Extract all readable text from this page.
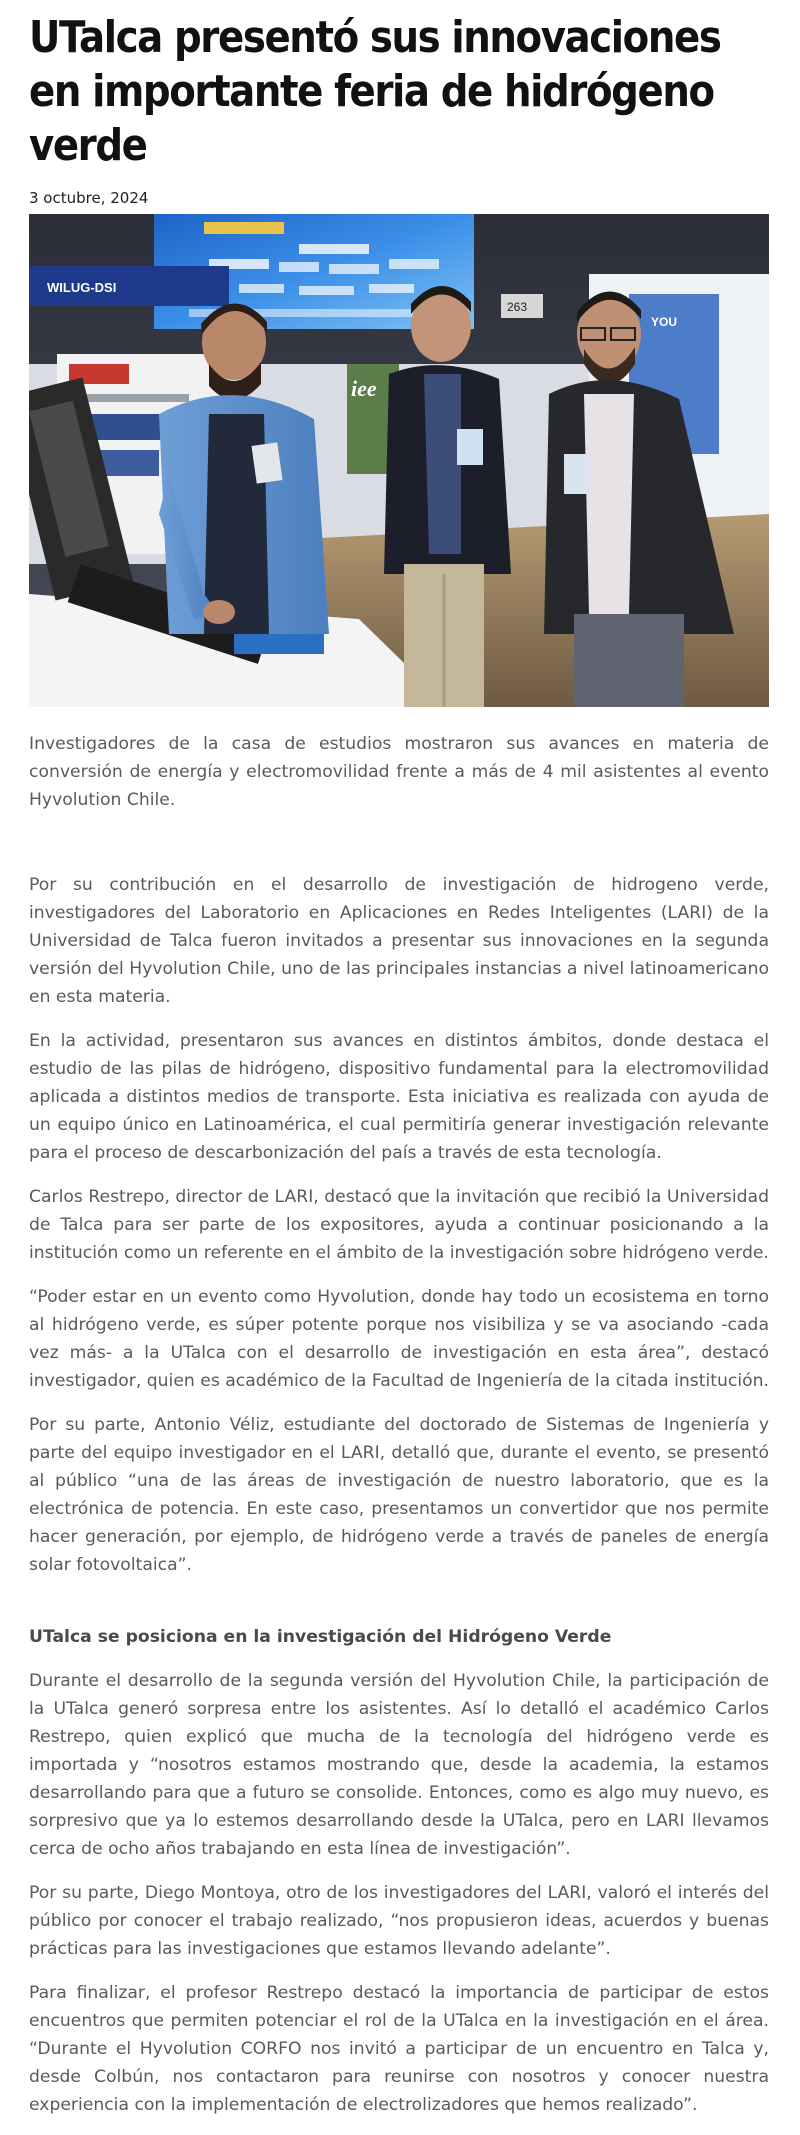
UTalca presentó sus innovaciones en importante feria de hidrógeno verde
3 octubre, 2024
WILUG-DSI
263
YOU
iee

Investigadores de la casa de estudios mostraron sus avances en materia de conversión de energía y electromovilidad frente a más de 4 mil asistentes al evento Hyvolution Chile.

Por su contribución en el desarrollo de investigación de hidrogeno verde, investigadores del Laboratorio en Aplicaciones en Redes Inteligentes (LARI) de la Universidad de Talca fueron invitados a presentar sus innovaciones en la segunda versión del Hyvolution Chile, uno de las principales instancias a nivel latinoamericano en esta materia.

En la actividad, presentaron sus avances en distintos ámbitos, donde destaca el estudio de las pilas de hidrógeno, dispositivo fundamental para la electromovilidad aplicada a distintos medios de transporte. Esta iniciativa es realizada con ayuda de un equipo único en Latinoamérica, el cual permitiría generar investigación relevante para el proceso de descarbonización del país a través de esta tecnología.

Carlos Restrepo, director de LARI, destacó que la invitación que recibió la Universidad de Talca para ser parte de los expositores, ayuda a continuar posicionando a la institución como un referente en el ámbito de la investigación sobre hidrógeno verde.

“Poder estar en un evento como Hyvolution, donde hay todo un ecosistema en torno al hidrógeno verde, es súper potente porque nos visibiliza y se va asociando -cada vez más- a la UTalca con el desarrollo de investigación en esta área”, destacó investigador, quien es académico de la Facultad de Ingeniería de la citada institución.

Por su parte, Antonio Véliz, estudiante del doctorado de Sistemas de Ingeniería y parte del equipo investigador en el LARI, detalló que, durante el evento, se presentó al público “una de las áreas de investigación de nuestro laboratorio, que es la electrónica de potencia. En este caso, presentamos un convertidor que nos permite hacer generación, por ejemplo, de hidrógeno verde a través de paneles de energía solar fotovoltaica”.

UTalca se posiciona en la investigación del Hidrógeno Verde

Durante el desarrollo de la segunda versión del Hyvolution Chile, la participación de la UTalca generó sorpresa entre los asistentes. Así lo detalló el académico Carlos Restrepo, quien explicó que mucha de la tecnología del hidrógeno verde es importada y “nosotros estamos mostrando que, desde la academia, la estamos desarrollando para que a futuro se consolide. Entonces, como es algo muy nuevo, es sorpresivo que ya lo estemos desarrollando desde la UTalca, pero en LARI llevamos cerca de ocho años trabajando en esta línea de investigación”.

Por su parte, Diego Montoya, otro de los investigadores del LARI, valoró el interés del público por conocer el trabajo realizado, “nos propusieron ideas, acuerdos y buenas prácticas para las investigaciones que estamos llevando adelante”.

Para finalizar, el profesor Restrepo destacó la importancia de participar de estos encuentros que permiten potenciar el rol de la UTalca en la investigación en el área. “Durante el Hyvolution CORFO nos invitó a participar de un encuentro en Talca y, desde Colbún, nos contactaron para reunirse con nosotros y conocer nuestra experiencia con la implementación de electrolizadores que hemos realizado”.
